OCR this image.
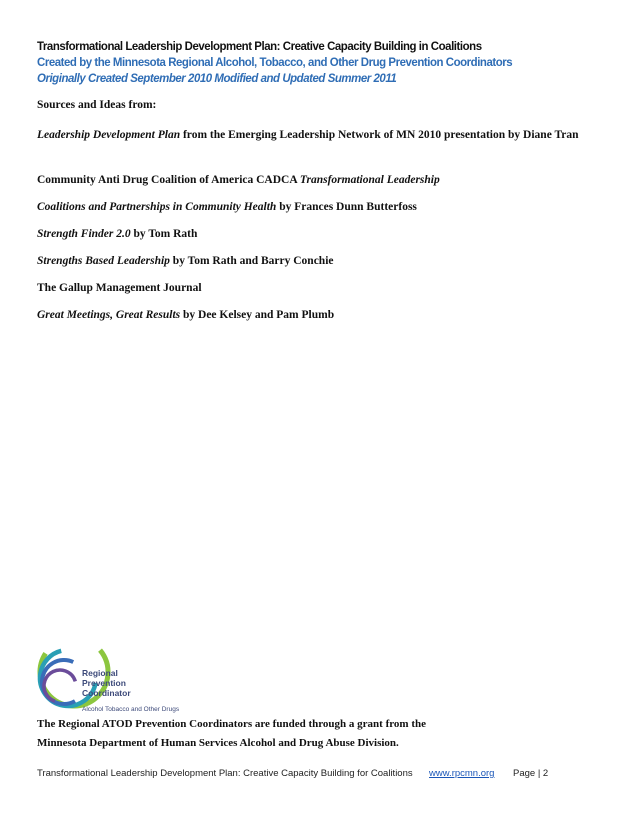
Transformational Leadership Development Plan: Creative Capacity Building in Coalitions
Created by the Minnesota Regional Alcohol, Tobacco, and Other Drug Prevention Coordinators
Originally Created September 2010 Modified and Updated Summer 2011
Sources and Ideas from:
Leadership Development Plan from the Emerging Leadership Network of MN 2010 presentation by Diane Tran
Community Anti Drug Coalition of America CADCA Transformational Leadership
Coalitions and Partnerships in Community Health by Frances Dunn Butterfoss
Strength Finder 2.0 by Tom Rath
Strengths Based Leadership by Tom Rath and Barry Conchie
The Gallup Management Journal
Great Meetings, Great Results by Dee Kelsey and Pam Plumb
Regional
Prevention
Coordinator
Alcohol Tobacco and Other Drugs
The Regional ATOD Prevention Coordinators are funded through a grant from the
Minnesota Department of Human Services Alcohol and Drug Abuse Division.
Transformational Leadership Development Plan: Creative Capacity Building for Coalitions www.rpcmn.org Page | 2
